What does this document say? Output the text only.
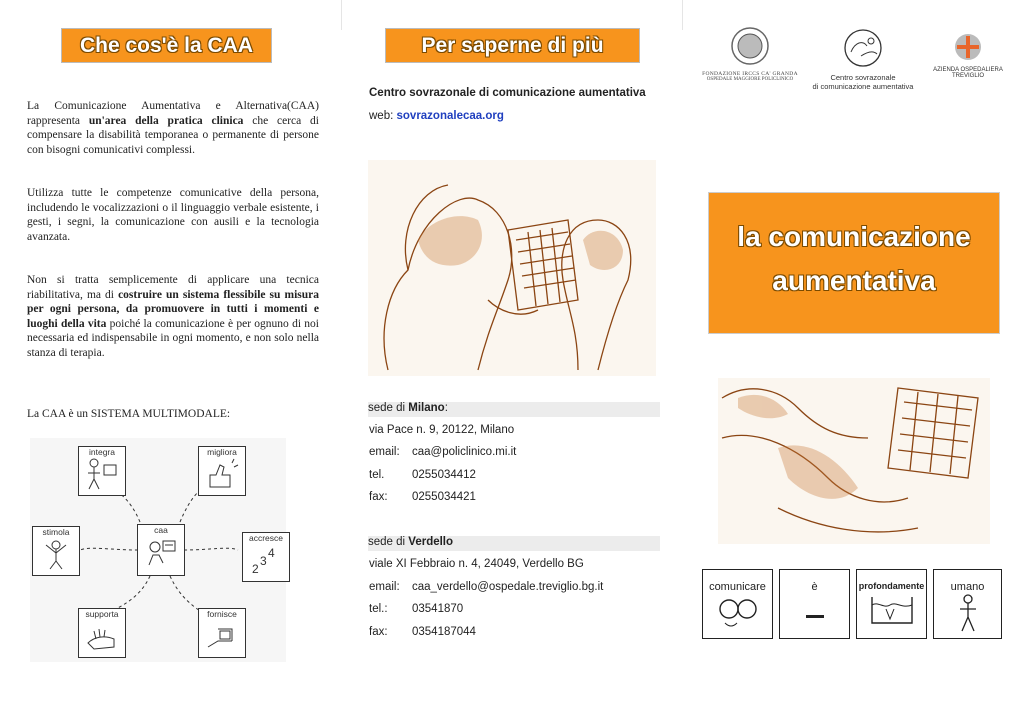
Che cos'è la CAA

La Comunicazione Aumentativa e Alternativa(CAA) rappresenta un'area della pratica clinica che cerca di compensare la disabilità temporanea o permanente di persone con bisogni comunicativi complessi.

Utilizza tutte le competenze comunicative della persona, includendo le vocalizzazioni o il linguaggio verbale esistente, i gesti, i segni, la comunicazione con ausili e la tecnologia avanzata.

Non si tratta semplicemente di applicare una tecnica riabilitativa, ma di costruire un sistema flessibile su misura per ogni persona, da promuovere in tutti i momenti e luoghi della vita poiché la comunicazione è per ognuno di noi necessaria ed indispensabile in ogni momento, e non solo nella stanza di terapia.

La CAA è un SISTEMA MULTIMODALE:

caa
integra	migliora
stimola
accresce
2
3
4
supporta	fornisce
Per saperne di più
Centro sovrazonale di comunicazione aumentativa
web: sovrazonalecaa.org
sede di Milano:
via Pace n. 9, 20122, Milano
email: caa@policlinico.mi.it
tel. 0255034412
fax: 0255034421
sede di Verdello
viale XI Febbraio n. 4, 24049, Verdello BG
email: caa_verdello@ospedale.treviglio.bg.it
tel.: 03541870
fax: 0354187044
FONDAZIONE IRCCS CA' GRANDA
OSPEDALE MAGGIORE POLICLINICO	Centro sovrazonale
di comunicazione aumentativa
AZIENDA OSPEDALIERA
TREVIGLIO
la comunicazione
aumentativa
comunicare	è	profondamente	umano
